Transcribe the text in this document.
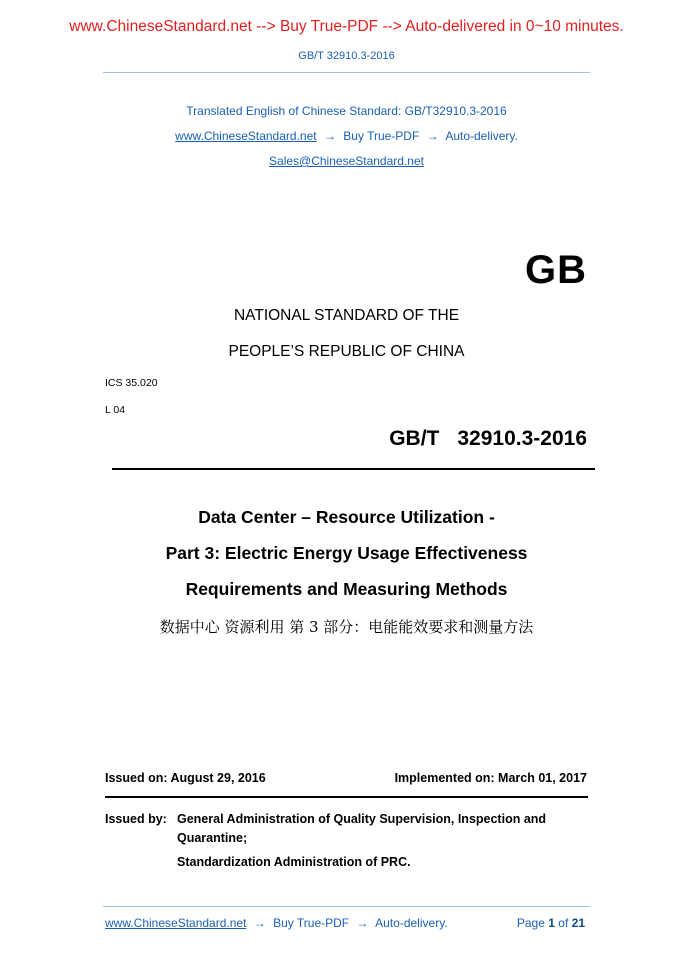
www.ChineseStandard.net --> Buy True-PDF --> Auto-delivered in 0~10 minutes.
GB/T 32910.3-2016
Translated English of Chinese Standard: GB/T32910.3-2016
www.ChineseStandard.net → Buy True-PDF → Auto-delivery.
Sales@ChineseStandard.net
GB
NATIONAL STANDARD OF THE
PEOPLE’S REPUBLIC OF CHINA
ICS 35.020
L 04
GB/T 32910.3-2016
Data Center – Resource Utilization -
Part 3: Electric Energy Usage Effectiveness
Requirements and Measuring Methods
数据中心 资源利用 第 3 部分：电能能效要求和测量方法
Issued on: August 29, 2016	Implemented on: March 01, 2017
Issued by: General Administration of Quality Supervision, Inspection and
Quarantine;
Standardization Administration of PRC.
www.ChineseStandard.net → Buy True-PDF → Auto-delivery.	Page 1 of 21
